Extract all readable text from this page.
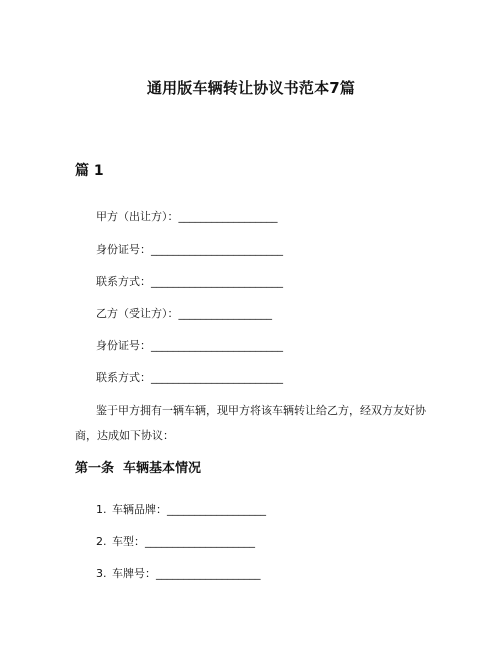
通用版车辆转让协议书范本7篇
篇 1
甲方（出让方）：__________________
身份证号：________________________
联系方式：________________________
乙方（受让方）：_________________
身份证号：________________________
联系方式：________________________
鉴于甲方拥有一辆车辆，现甲方将该车辆转让给乙方，经双方友好协商，达成如下协议：
第一条  车辆基本情况
1. 车辆品牌：__________________
2. 车型：____________________
3. 车牌号：___________________
